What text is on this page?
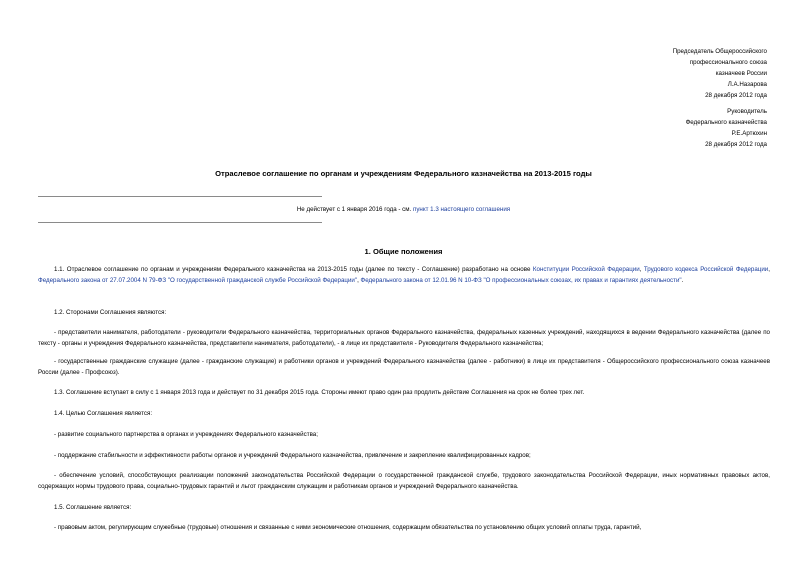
Председатель Общероссийского
профессионального союза
казначеев России
Л.А.Назарова
28 декабря 2012 года
Руководитель
Федерального казначейства
Р.Е.Артюхин
28 декабря 2012 года
Отраслевое соглашение по органам и учреждениям Федерального казначейства на 2013-2015 годы
Не действует с 1 января 2016 года - см. пункт 1.3 настоящего соглашения
1. Общие положения

1.1. Отраслевое соглашение по органам и учреждениям Федерального казначейства на 2013-2015 годы (далее по тексту - Соглашение) разработано на основе Конституции Российской Федерации, Трудового кодекса Российской Федерации, Федерального закона от 27.07.2004 N 79-ФЗ "О государственной гражданской службе Российской Федерации", Федерального закона от 12.01.96 N 10-ФЗ "О профессиональных союзах, их правах и гарантиях деятельности".

1.2. Сторонами Соглашения являются:

- представители нанимателя, работодатели - руководители Федерального казначейства, территориальных органов Федерального казначейства, федеральных казенных учреждений, находящихся в ведении Федерального казначейства (далее по тексту - органы и учреждения Федерального казначейства, представители нанимателя, работодатели), - в лице их представителя - Руководителя Федерального казначейства;

- государственные гражданские служащие (далее - гражданские служащие) и работники органов и учреждений Федерального казначейства (далее - работники) в лице их представителя - Общероссийского профессионального союза казначеев России (далее - Профсоюз).

1.3. Соглашение вступает в силу с 1 января 2013 года и действует по 31 декабря 2015 года. Стороны имеют право один раз продлить действие Соглашения на срок не более трех лет.

1.4. Целью Соглашения является:

- развитие социального партнерства в органах и учреждениях Федерального казначейства;

- поддержание стабильности и эффективности работы органов и учреждений Федерального казначейства, привлечение и закрепление квалифицированных кадров;

- обеспечение условий, способствующих реализации положений законодательства Российской Федерации о государственной гражданской службе, трудового законодательства Российской Федерации, иных нормативных правовых актов, содержащих нормы трудового права, социально-трудовых гарантий и льгот гражданским служащим и работникам органов и учреждений Федерального казначейства.

1.5. Соглашение является:

- правовым актом, регулирующим служебные (трудовые) отношения и связанные с ними экономические отношения, содержащим обязательства по установлению общих условий оплаты труда, гарантий,
